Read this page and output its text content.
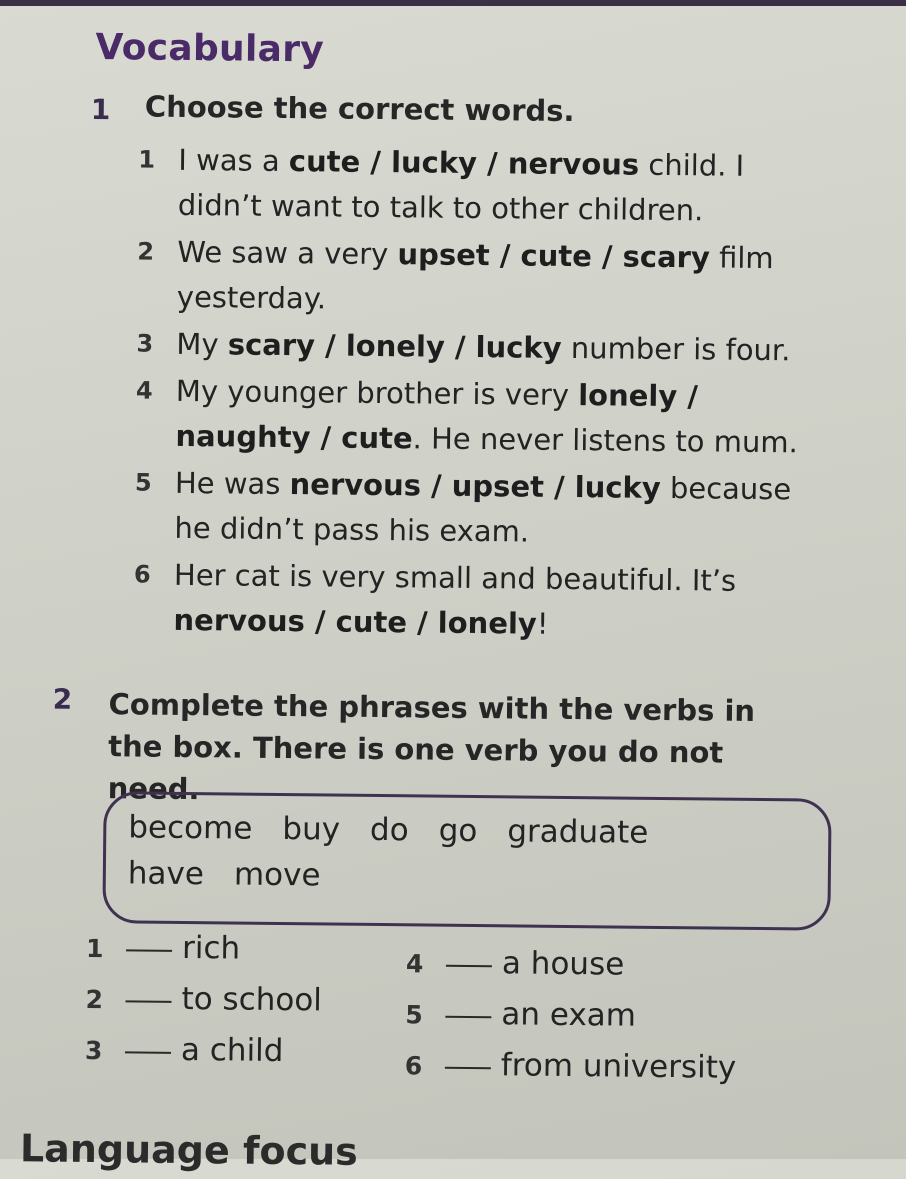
Vocabulary
1 Choose the correct words.
1 I was a cute / lucky / nervous child. I didn’t want to talk to other children.
2 We saw a very upset / cute / scary film yesterday.
3 My scary / lonely / lucky number is four.
4 My younger brother is very lonely / naughty / cute. He never listens to mum.
5 He was nervous / upset / lucky because he didn’t pass his exam.
6 Her cat is very small and beautiful. It’s nervous / cute / lonely!
2 Complete the phrases with the verbs in the box. There is one verb you do not need.
become buy do go graduate
have move
1	rich
2	to school
3	a child
4	a house
5	an exam
6	from university
Language focus
